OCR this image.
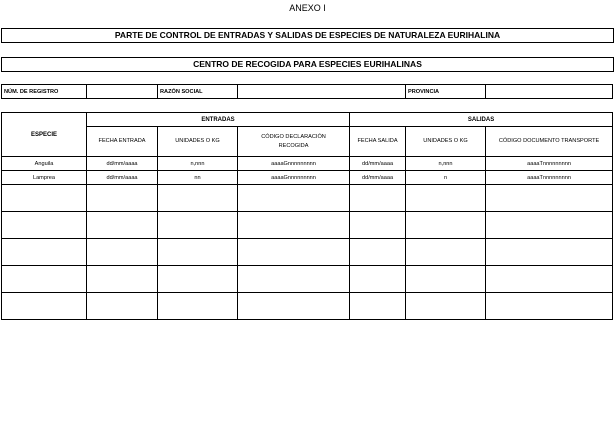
ANEXO I
PARTE DE CONTROL DE ENTRADAS Y SALIDAS DE ESPECIES DE NATURALEZA EURIHALINA
CENTRO DE RECOGIDA PARA ESPECIES EURIHALINAS
NÚM. DE REGISTRO		RAZÓN SOCIAL		PROVINCIA	
ESPECIE	ENTRADAS			SALIDAS		
	FECHA ENTRADA	UNIDADES O KG	CÓDIGO DECLARACIÓN RECOGIDA	FECHA SALIDA	UNIDADES O KG	CÓDIGO DOCUMENTO TRANSPORTE
Anguila	dd/mm/aaaa	n,nnn	aaaaGnnnnnnnnn	dd/mm/aaaa	n,nnn	aaaaTnnnnnnnnn
Lamprea	dd/mm/aaaa	nn	aaaaGnnnnnnnnn	dd/mm/aaaa	n	aaaaTnnnnnnnnn
